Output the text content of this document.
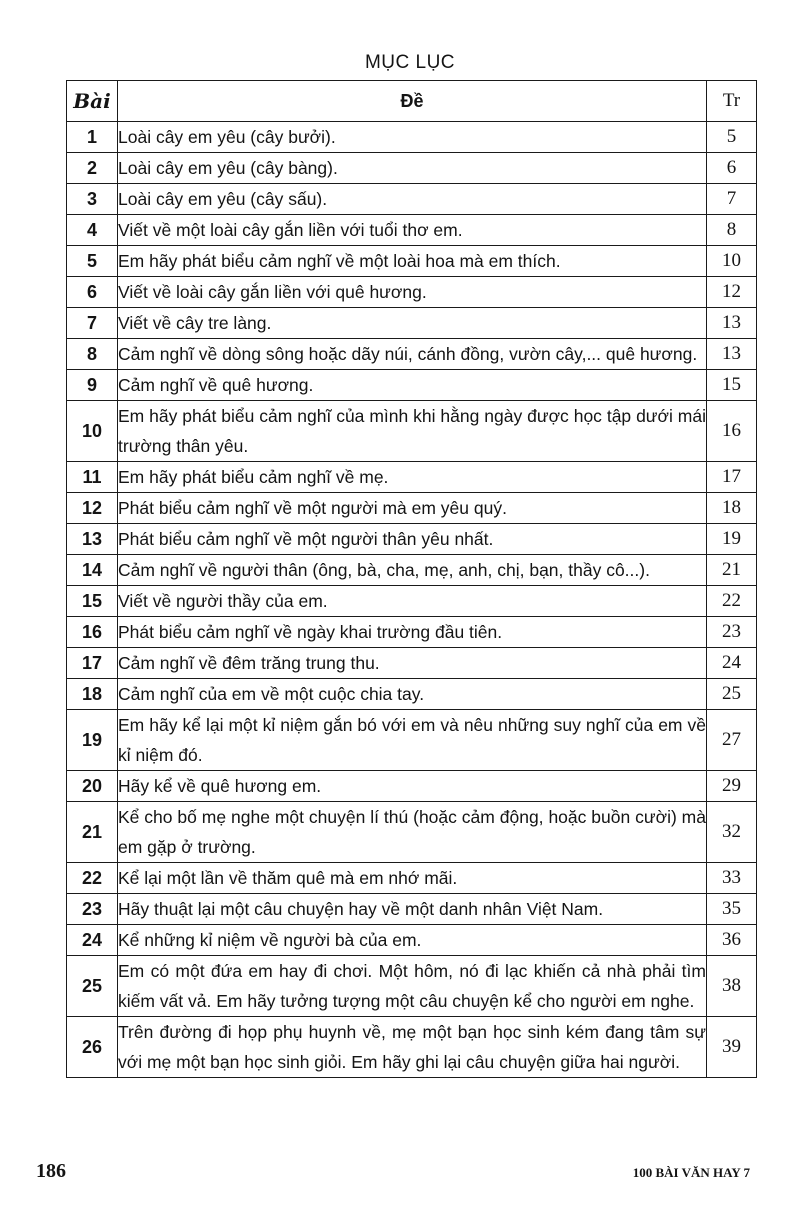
MỤC LỤC
Bài	Đề	Tr
1	Loài cây em yêu (cây bưởi).	5
2	Loài cây em yêu (cây bàng).	6
3	Loài cây em yêu (cây sấu).	7
4	Viết về một loài cây gắn liền với tuổi thơ em.	8
5	Em hãy phát biểu cảm nghĩ về một loài hoa mà em thích.	10
6	Viết về loài cây gắn liền với quê hương.	12
7	Viết về cây tre làng.	13
8	Cảm nghĩ về dòng sông hoặc dãy núi, cánh đồng, vườn cây,... quê hương.	13
9	Cảm nghĩ về quê hương.	15
10	Em hãy phát biểu cảm nghĩ của mình khi hằng ngày được học tập dưới mái trường thân yêu.	16
11	Em hãy phát biểu cảm nghĩ về mẹ.	17
12	Phát biểu cảm nghĩ về một người mà em yêu quý.	18
13	Phát biểu cảm nghĩ về một người thân yêu nhất.	19
14	Cảm nghĩ về người thân (ông, bà, cha, mẹ, anh, chị, bạn, thầy cô...).	21
15	Viết về người thầy của em.	22
16	Phát biểu cảm nghĩ về ngày khai trường đầu tiên.	23
17	Cảm nghĩ về đêm trăng trung thu.	24
18	Cảm nghĩ của em về một cuộc chia tay.	25
19	Em hãy kể lại một kỉ niệm gắn bó với em và nêu những suy nghĩ của em về kỉ niệm đó.	27
20	Hãy kể về quê hương em.	29
21	Kể cho bố mẹ nghe một chuyện lí thú (hoặc cảm động, hoặc buồn cười) mà em gặp ở trường.	32
22	Kể lại một lần về thăm quê mà em nhớ mãi.	33
23	Hãy thuật lại một câu chuyện hay về một danh nhân Việt Nam.	35
24	Kể những kỉ niệm về người bà của em.	36
25	Em có một đứa em hay đi chơi. Một hôm, nó đi lạc khiến cả nhà phải tìm kiếm vất vả. Em hãy tưởng tượng một câu chuyện kể cho người em nghe.	38
26	Trên đường đi họp phụ huynh về, mẹ một bạn học sinh kém đang tâm sự với mẹ một bạn học sinh giỏi. Em hãy ghi lại câu chuyện giữa hai người.	39
186	100 BÀI VĂN HAY 7
